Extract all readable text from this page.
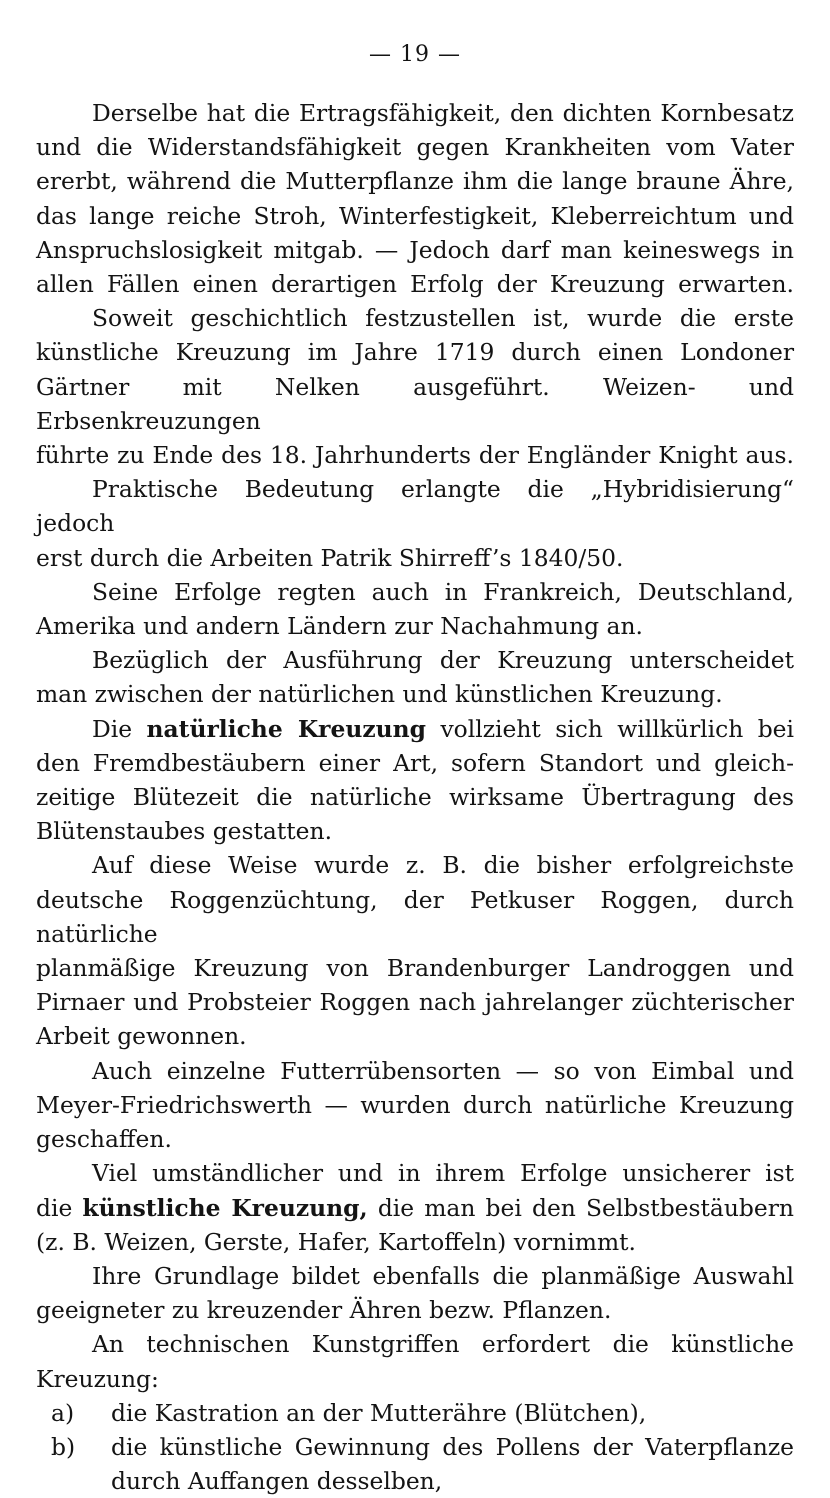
— 19 —

Derselbe hat die Ertragsfähigkeit, den dichten Kornbesatz

und die Widerstandsfähigkeit gegen Krankheiten vom Vater

ererbt, während die Mutterpflanze ihm die lange braune Ähre,

das lange reiche Stroh, Winterfestigkeit, Kleberreichtum und

Anspruchslosigkeit mitgab. — Jedoch darf man keineswegs in

allen Fällen einen derartigen Erfolg der Kreuzung erwarten.

Soweit geschichtlich festzustellen ist, wurde die erste

künstliche Kreuzung im Jahre 1719 durch einen Londoner

Gärtner mit Nelken ausgeführt. Weizen- und Erbsenkreuzungen

führte zu Ende des 18. Jahrhunderts der Engländer Knight aus.

Praktische Bedeutung erlangte die „Hybridisierung“ jedoch

erst durch die Arbeiten Patrik Shirreff’s 1840/50.

Seine Erfolge regten auch in Frankreich, Deutschland,

Amerika und andern Ländern zur Nachahmung an.

Bezüglich der Ausführung der Kreuzung unterscheidet

man zwischen der natürlichen und künstlichen Kreuzung.

Die natürliche Kreuzung vollzieht sich willkürlich bei

den Fremdbestäubern einer Art, sofern Standort und gleich-

zeitige Blütezeit die natürliche wirksame Übertragung des

Blütenstaubes gestatten.

Auf diese Weise wurde z. B. die bisher erfolgreichste

deutsche Roggenzüchtung, der Petkuser Roggen, durch natürliche

planmäßige Kreuzung von Brandenburger Landroggen und

Pirnaer und Probsteier Roggen nach jahrelanger züchterischer

Arbeit gewonnen.

Auch einzelne Futterrübensorten — so von Eimbal und

Meyer-Friedrichswerth — wurden durch natürliche Kreuzung

geschaffen.

Viel umständlicher und in ihrem Erfolge unsicherer ist

die künstliche Kreuzung, die man bei den Selbstbestäubern

(z. B. Weizen, Gerste, Hafer, Kartoffeln) vornimmt.

Ihre Grundlage bildet ebenfalls die planmäßige Auswahl

geeigneter zu kreuzender Ähren bezw. Pflanzen.

An technischen Kunstgriffen erfordert die künstliche Kreuzung:

a) die Kastration an der Mutterähre (Blütchen),

b) die künstliche Gewinnung des Pollens der Vaterpflanze

durch Auffangen desselben,
